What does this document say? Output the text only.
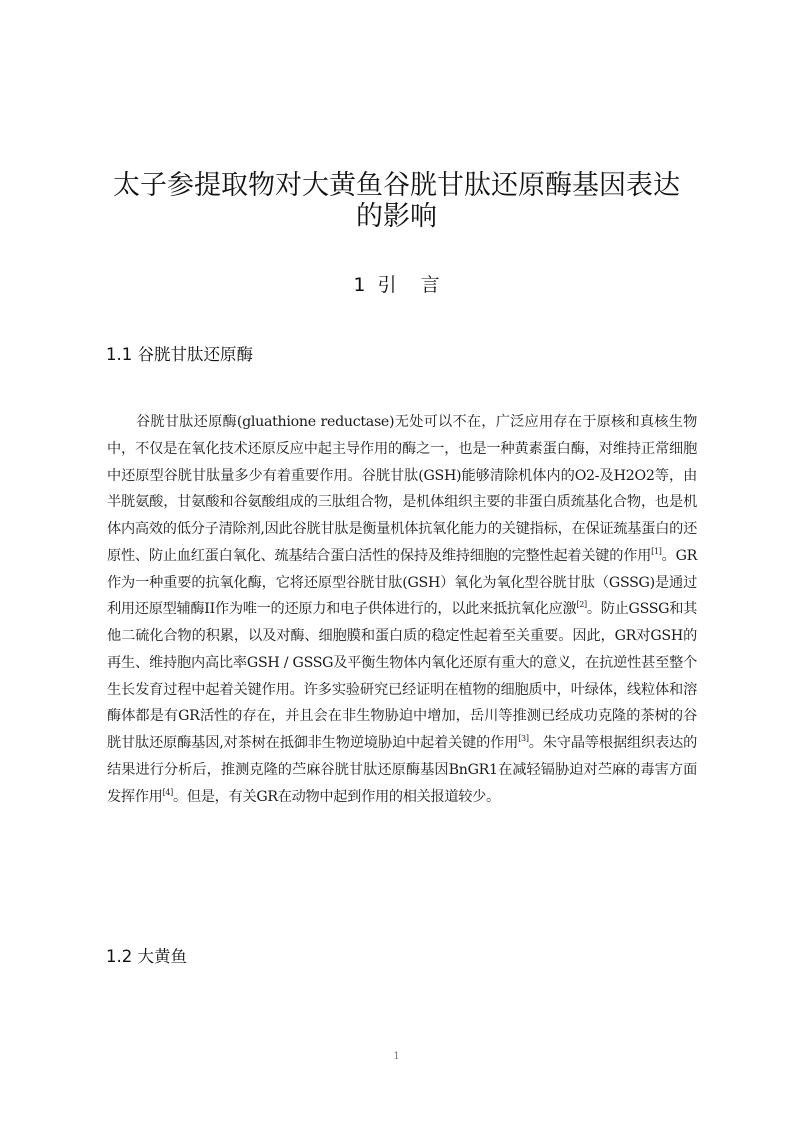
太子参提取物对大黄鱼谷胱甘肽还原酶基因表达的影响
1  引    言
1.1 谷胱甘肽还原酶

谷胱甘肽还原酶(gluathione reductase)无处可以不在，广泛应用存在于原核和真核生物中，不仅是在氧化技术还原反应中起主导作用的酶之一，也是一种黄素蛋白酶，对维持正常细胞中还原型谷胱甘肽量多少有着重要作用。谷胱甘肽(GSH)能够清除机体内的O2-及H2O2等，由半胱氨酸，甘氨酸和谷氨酸组成的三肽组合物，是机体组织主要的非蛋白质巯基化合物，也是机体内高效的低分子清除剂,因此谷胱甘肽是衡量机体抗氧化能力的关键指标，在保证巯基蛋白的还原性、防止血红蛋白氧化、巯基结合蛋白活性的保持及维持细胞的完整性起着关键的作用[1]。GR作为一种重要的抗氧化酶，它将还原型谷胱甘肽(GSH）氧化为氧化型谷胱甘肽（GSSG)是通过利用还原型辅酶II作为唯一的还原力和电子供体进行的，以此来抵抗氧化应激[2]。防止GSSG和其他二硫化合物的积累，以及对酶、细胞膜和蛋白质的稳定性起着至关重要。因此，GR对GSH的再生、维持胞内高比率GSH / GSSG及平衡生物体内氧化还原有重大的意义，在抗逆性甚至整个生长发育过程中起着关键作用。许多实验研究已经证明在植物的细胞质中，叶绿体，线粒体和溶酶体都是有GR活性的存在，并且会在非生物胁迫中增加，岳川等推测已经成功克隆的茶树的谷胱甘肽还原酶基因,对茶树在抵御非生物逆境胁迫中起着关键的作用[3]。朱守晶等根据组织表达的结果进行分析后，推测克隆的苎麻谷胱甘肽还原酶基因BnGR1在减轻镉胁迫对苎麻的毒害方面发挥作用[4]。但是，有关GR在动物中起到作用的相关报道较少。

1.2 大黄鱼
1
